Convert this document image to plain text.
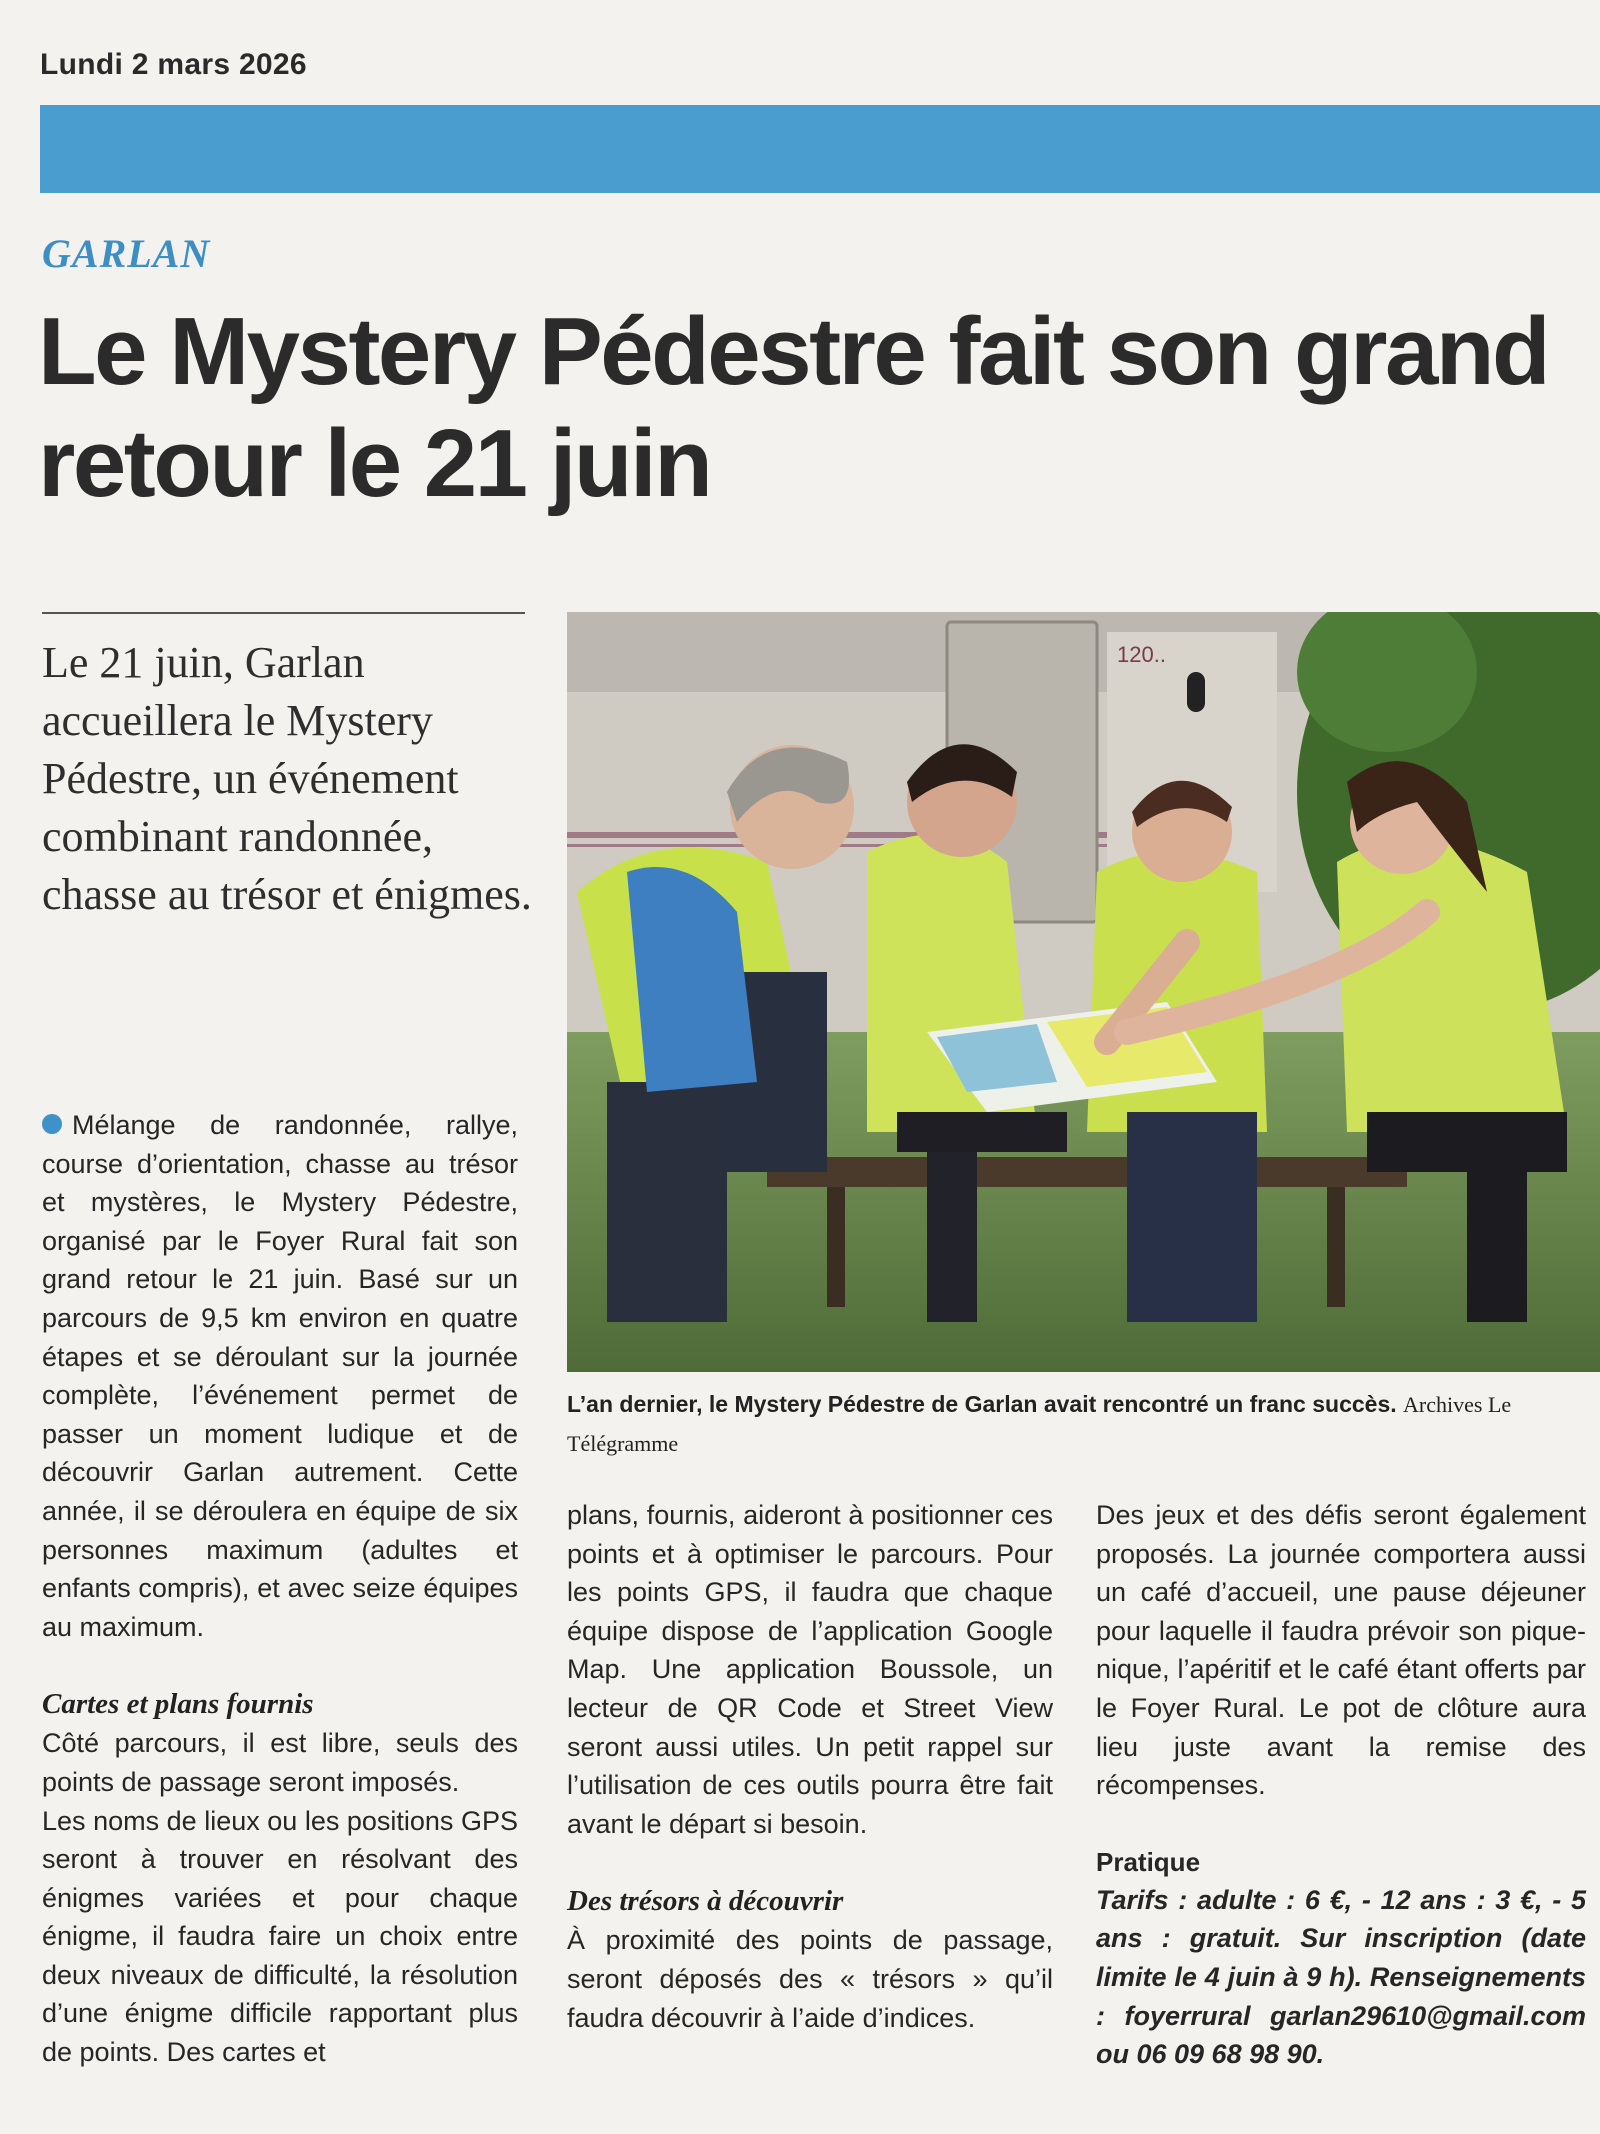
Lundi 2 mars 2026
GARLAN
Le Mystery Pédestre fait son grand retour le 21 juin
Le 21 juin, Garlan accueillera le Mystery Pédestre, un événement combinant randonnée, chasse au trésor et énigmes.
120..
L’an dernier, le Mystery Pédestre de Garlan avait rencontré un franc succès. Archives Le Télégramme

Mélange de randonnée, rallye, course d’orientation, chasse au trésor et mystères, le Mystery Pédestre, organisé par le Foyer Rural fait son grand retour le 21 juin. Basé sur un parcours de 9,5 km environ en quatre étapes et se déroulant sur la journée complète, l’événement permet de passer un moment ludique et de découvrir Garlan autrement. Cette année, il se déroulera en équipe de six personnes maximum (adultes et enfants compris), et avec seize équipes au maximum.

Cartes et plans fournis

Côté parcours, il est libre, seuls des points de passage seront imposés.

Les noms de lieux ou les positions GPS seront à trouver en résolvant des énigmes variées et pour chaque énigme, il faudra faire un choix entre deux niveaux de difficulté, la résolution d’une énigme difficile rapportant plus de points. Des cartes et

plans, fournis, aideront à positionner ces points et à optimiser le parcours. Pour les points GPS, il faudra que chaque équipe dispose de l’application Google Map. Une application Boussole, un lecteur de QR Code et Street View seront aussi utiles. Un petit rappel sur l’utilisation de ces outils pourra être fait avant le départ si besoin.

Des trésors à découvrir

À proximité des points de passage, seront déposés des « trésors » qu’il faudra découvrir à l’aide d’indices.

Des jeux et des défis seront également proposés. La journée comportera aussi un café d’accueil, une pause déjeuner pour laquelle il faudra prévoir son pique-nique, l’apéritif et le café étant offerts par le Foyer Rural. Le pot de clôture aura lieu juste avant la remise des récompenses.

Pratique

Tarifs : adulte : 6 €, - 12 ans : 3 €, - 5 ans : gratuit. Sur inscription (date limite le 4 juin à 9 h). Renseignements : foyerrural garlan29610@gmail.com ou 06 09 68 98 90.
